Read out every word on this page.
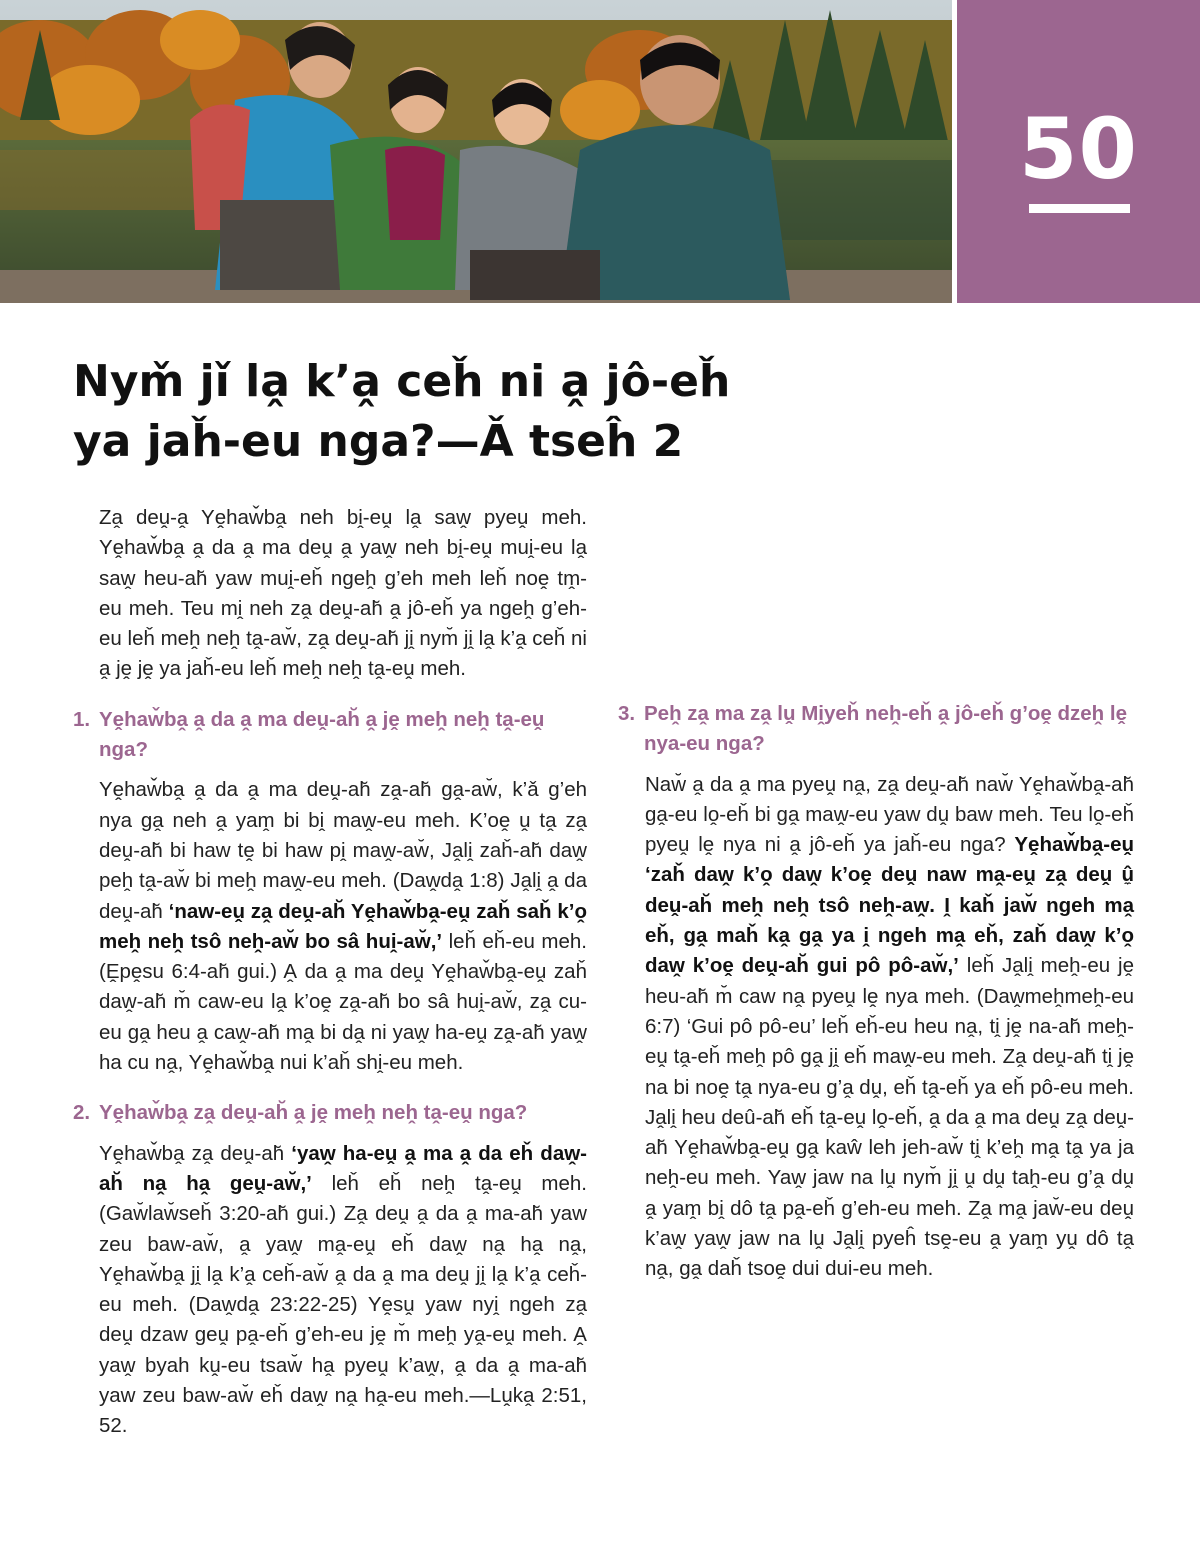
50
Nym̌ jǐ la̭ k’a̭ ceȟ ni a̭ jô-eȟ
ya jaȟ-eu nga?—Ǎ tseĥ 2

Za̭ deṷ-a̭ Yḙhaw̌ba̭ neh bi̭-eṷ la̭ saw̭ pyeṷ meh. Yḙhaw̌ba̭ a̭ da a̭ ma deṷ a̭ yaw̭ neh bi̭-eṷ mui̭-eu la̭ saw̭ heu-ah̆ yaw mui̭-eȟ ngeh̭ g’eh meh leȟ noḙ tm̭-eu meh. Teu mi̭ neh za̭ deṷ-ah̆ a̭ jô-eȟ ya ngeh̭ g’eh-eu leȟ meh̭ neh̭ ta̭-aw̆, za̭ deṷ-ah̆ ji̭ nym̆ ji̭ la̭ k’a̭ ceȟ ni a̭ jḙ jḙ ya jaȟ-eu leȟ meh̭ neh̭ ta̭-eṷ meh.

1. Yḙhaw̌ba̭ a̭ da a̭ ma deṷ-ah̆ a̭ jḙ meh̭ neh̭ ta̭-eṷ nga?

Yḙhaw̌ba̭ a̭ da a̭ ma deṷ-ah̆ za̭-ah̆ ga̭-aw̆, k’ǎ g’eh nya ga̭ neh a̭ yam̭ bi bi̭ maw̭-eu meh. K’oḙ ṷ ta̭ za̭ deṷ-ah̆ bi haw tḙ bi haw pi̭ maw̭-aw̆, Ja̭li̭ zaȟ-ah̆ daw̭ peh̭ ta̭-aw̆ bi meh̭ maw̭-eu meh. (Daw̭da̭ 1:8) Ja̭li̭ a̭ da deṷ-ah̆ ‘naw-eṷ za̭ deṷ-ah̆ Yḙhaw̌ba̭-eṷ zaȟ saȟ k’o̭ meh̭ neh̭ tsô neh̭-aw̆ bo sâ hui̭-aw̆,’ leȟ eȟ-eu meh. (Ḙpḙsu 6:4-ah̆ gui.) A̭ da a̭ ma deṷ Yḙhaw̌ba̭-eṷ zaȟ daw̭-ah̆ m̆ caw-eu la̭ k’oḙ za̭-ah̆ bo sâ hui̭-aw̆, za̭ cu-eu ga̭ heu a̭ caw̭-ah̆ ma̭ bi da̭ ni yaw̭ ha-eṷ za̭-ah̆ yaw̭ ha cu na̭, Yḙhaw̌ba̭ nui k’aȟ shi̭-eu meh.

2. Yḙhaw̌ba̭ za̭ deṷ-ah̆ a̭ jḙ meh̭ neh̭ ta̭-eṷ nga?

Yḙhaw̌ba̭ za̭ deṷ-ah̆ ‘yaw̭ ha-eṷ a̭ ma a̭ da eȟ daw̭-ah̆ na̭ ha̭ geṷ-aw̆,’ leȟ eȟ neh̭ ta̭-eṷ meh. (Gaw̆law̆seȟ 3:20-ah̆ gui.) Za̭ deṷ a̭ da a̭ ma-ah̆ yaw zeu baw-aw̆, a̭ yaw̭ ma̭-eṷ eȟ daw̭ na̭ ha̭ na̭, Yḙhaw̌ba̭ ji̭ la̭ k’a̭ ceȟ-aw̆ a̭ da a̭ ma deṷ ji̭ la̭ k’a̭ ceȟ-eu meh. (Daw̭da̭ 23:22-25) Yḙsṷ yaw nyi̭ ngeh za̭ deṷ dzaw geṷ pa̭-eȟ g’eh-eu jḙ m̆ meh̭ ya̭-eṷ meh. A̭ yaw̭ byah kṷ-eu tsaw̆ ha̭ pyeṷ k’aw̭, a̭ da a̭ ma-ah̆ yaw zeu baw-aw̆ eȟ daw̭ na̭ ha̭-eu meh.—Lṷka̭ 2:51, 52.

3. Peh̭ za̭ ma za̭ lṷ Mi̭yeȟ neh̭-eȟ a̭ jô-eȟ g’oḙ dzeh̭ lḙ nya-eu nga?

Naw̆ a̭ da a̭ ma pyeṷ na̭, za̭ deṷ-ah̆ naw̆ Yḙhaw̌ba̭-ah̆ ga̭-eu lo̭-eȟ bi ga̭ maw̭-eu yaw dṷ baw meh. Teu lo̭-eȟ pyeṷ lḙ nya ni a̭ jô-eȟ ya jaȟ-eu nga? Yḙhaw̌ba̭-eṷ ‘zaȟ daw̭ k’o̭ daw̭ k’oḙ deṷ naw ma̭-eṷ za̭ deṷ û̼ deṷ-ah̆ meh̭ neh̭ tsô neh̭-aw̭. I̭ kaȟ jaw̆ ngeh ma̭ eȟ, ga̭ maȟ ka̭ ga̭ ya i̭ ngeh ma̭ eȟ, zaȟ daw̭ k’o̭ daw̭ k’oḙ deṷ-ah̆ gui pô pô-aw̆,’ leȟ Ja̭li̭ meh̭-eu jḙ heu-ah̆ m̆ caw na̭ pyeṷ lḙ nya meh. (Daw̭meh̭meh̭-eu 6:7) ‘Gui pô pô-eu’ leȟ eȟ-eu heu na̭, ti̭ jḙ na-ah̆ meh̭-eṷ ta̭-eȟ meh̭ pô ga̭ ji̭ eȟ maw̭-eu meh. Za̭ deṷ-ah̆ ti̭ jḙ na bi noḙ ta̭ nya-eu g’a̭ dṷ, eȟ ta̭-eȟ ya eȟ pô-eu meh. Ja̭li̭ heu deû-ah̆ eȟ ta̭-eṷ lo̭-eȟ, a̭ da a̭ ma deṷ za̭ deṷ-ah̆ Yḙhaw̌ba̭-eṷ ga̭ kaŵ leh jeh-aw̆ ti̭ k’eh̭ ma̭ ta̭ ya ja neh̭-eu meh. Yaw̭ jaw na lṷ nym̆ ji̭ ṷ dṷ tah̭-eu g’a̭ dṷ a̭ yam̭ bi̭ dô ta̭ pa̭-eȟ g’eh-eu meh. Za̭ ma̭ jaw̆-eu deṷ k’aw̭ yaw̭ jaw na lṷ Ja̭li̭ pyeĥ tsḙ-eu a̭ yam̭ yṷ dô ta̭ na̭, ga̭ daȟ tsoḙ dui dui-eu meh.
